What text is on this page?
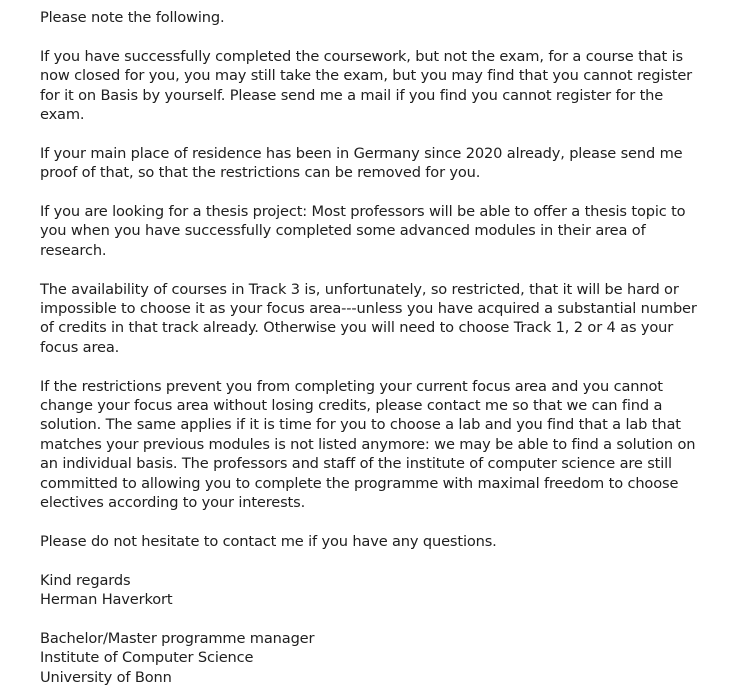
Please note the following.

If you have successfully completed the coursework, but not the exam, for a course that is
now closed for you, you may still take the exam, but you may find that you cannot register
for it on Basis by yourself. Please send me a mail if you find you cannot register for the
exam.

If your main place of residence has been in Germany since 2020 already, please send me
proof of that, so that the restrictions can be removed for you.

If you are looking for a thesis project: Most professors will be able to offer a thesis topic to
you when you have successfully completed some advanced modules in their area of
research.

The availability of courses in Track 3 is, unfortunately, so restricted, that it will be hard or
impossible to choose it as your focus area---unless you have acquired a substantial number
of credits in that track already. Otherwise you will need to choose Track 1, 2 or 4 as your
focus area.

If the restrictions prevent you from completing your current focus area and you cannot
change your focus area without losing credits, please contact me so that we can find a
solution. The same applies if it is time for you to choose a lab and you find that a lab that
matches your previous modules is not listed anymore: we may be able to find a solution on
an individual basis. The professors and staff of the institute of computer science are still
committed to allowing you to complete the programme with maximal freedom to choose
electives according to your interests.

Please do not hesitate to contact me if you have any questions.

Kind regards
Herman Haverkort

Bachelor/Master programme manager
Institute of Computer Science
University of Bonn
